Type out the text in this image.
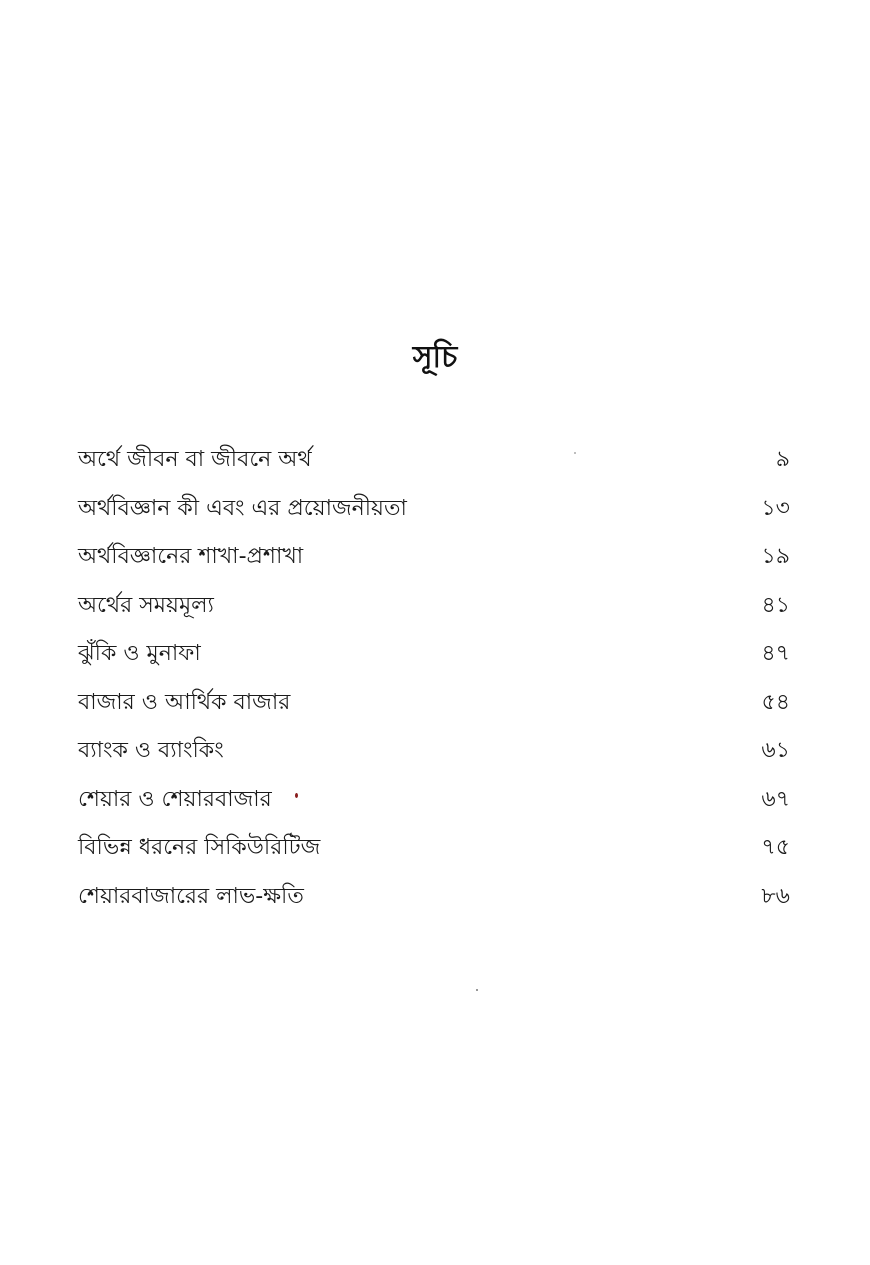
সূচি
অর্থে জীবন বা জীবনে অর্থ	৯
অর্থবিজ্ঞান কী এবং এর প্রয়োজনীয়তা	১৩
অর্থবিজ্ঞানের শাখা-প্রশাখা	১৯
অর্থের সময়মূল্য	৪১
ঝুঁকি ও মুনাফা	৪৭
বাজার ও আর্থিক বাজার	৫৪
ব্যাংক ও ব্যাংকিং	৬১
শেয়ার ও শেয়ারবাজার	৬৭
বিভিন্ন ধরনের সিকিউরিটিজ	৭৫
শেয়ারবাজারের লাভ-ক্ষতি	৮৬
